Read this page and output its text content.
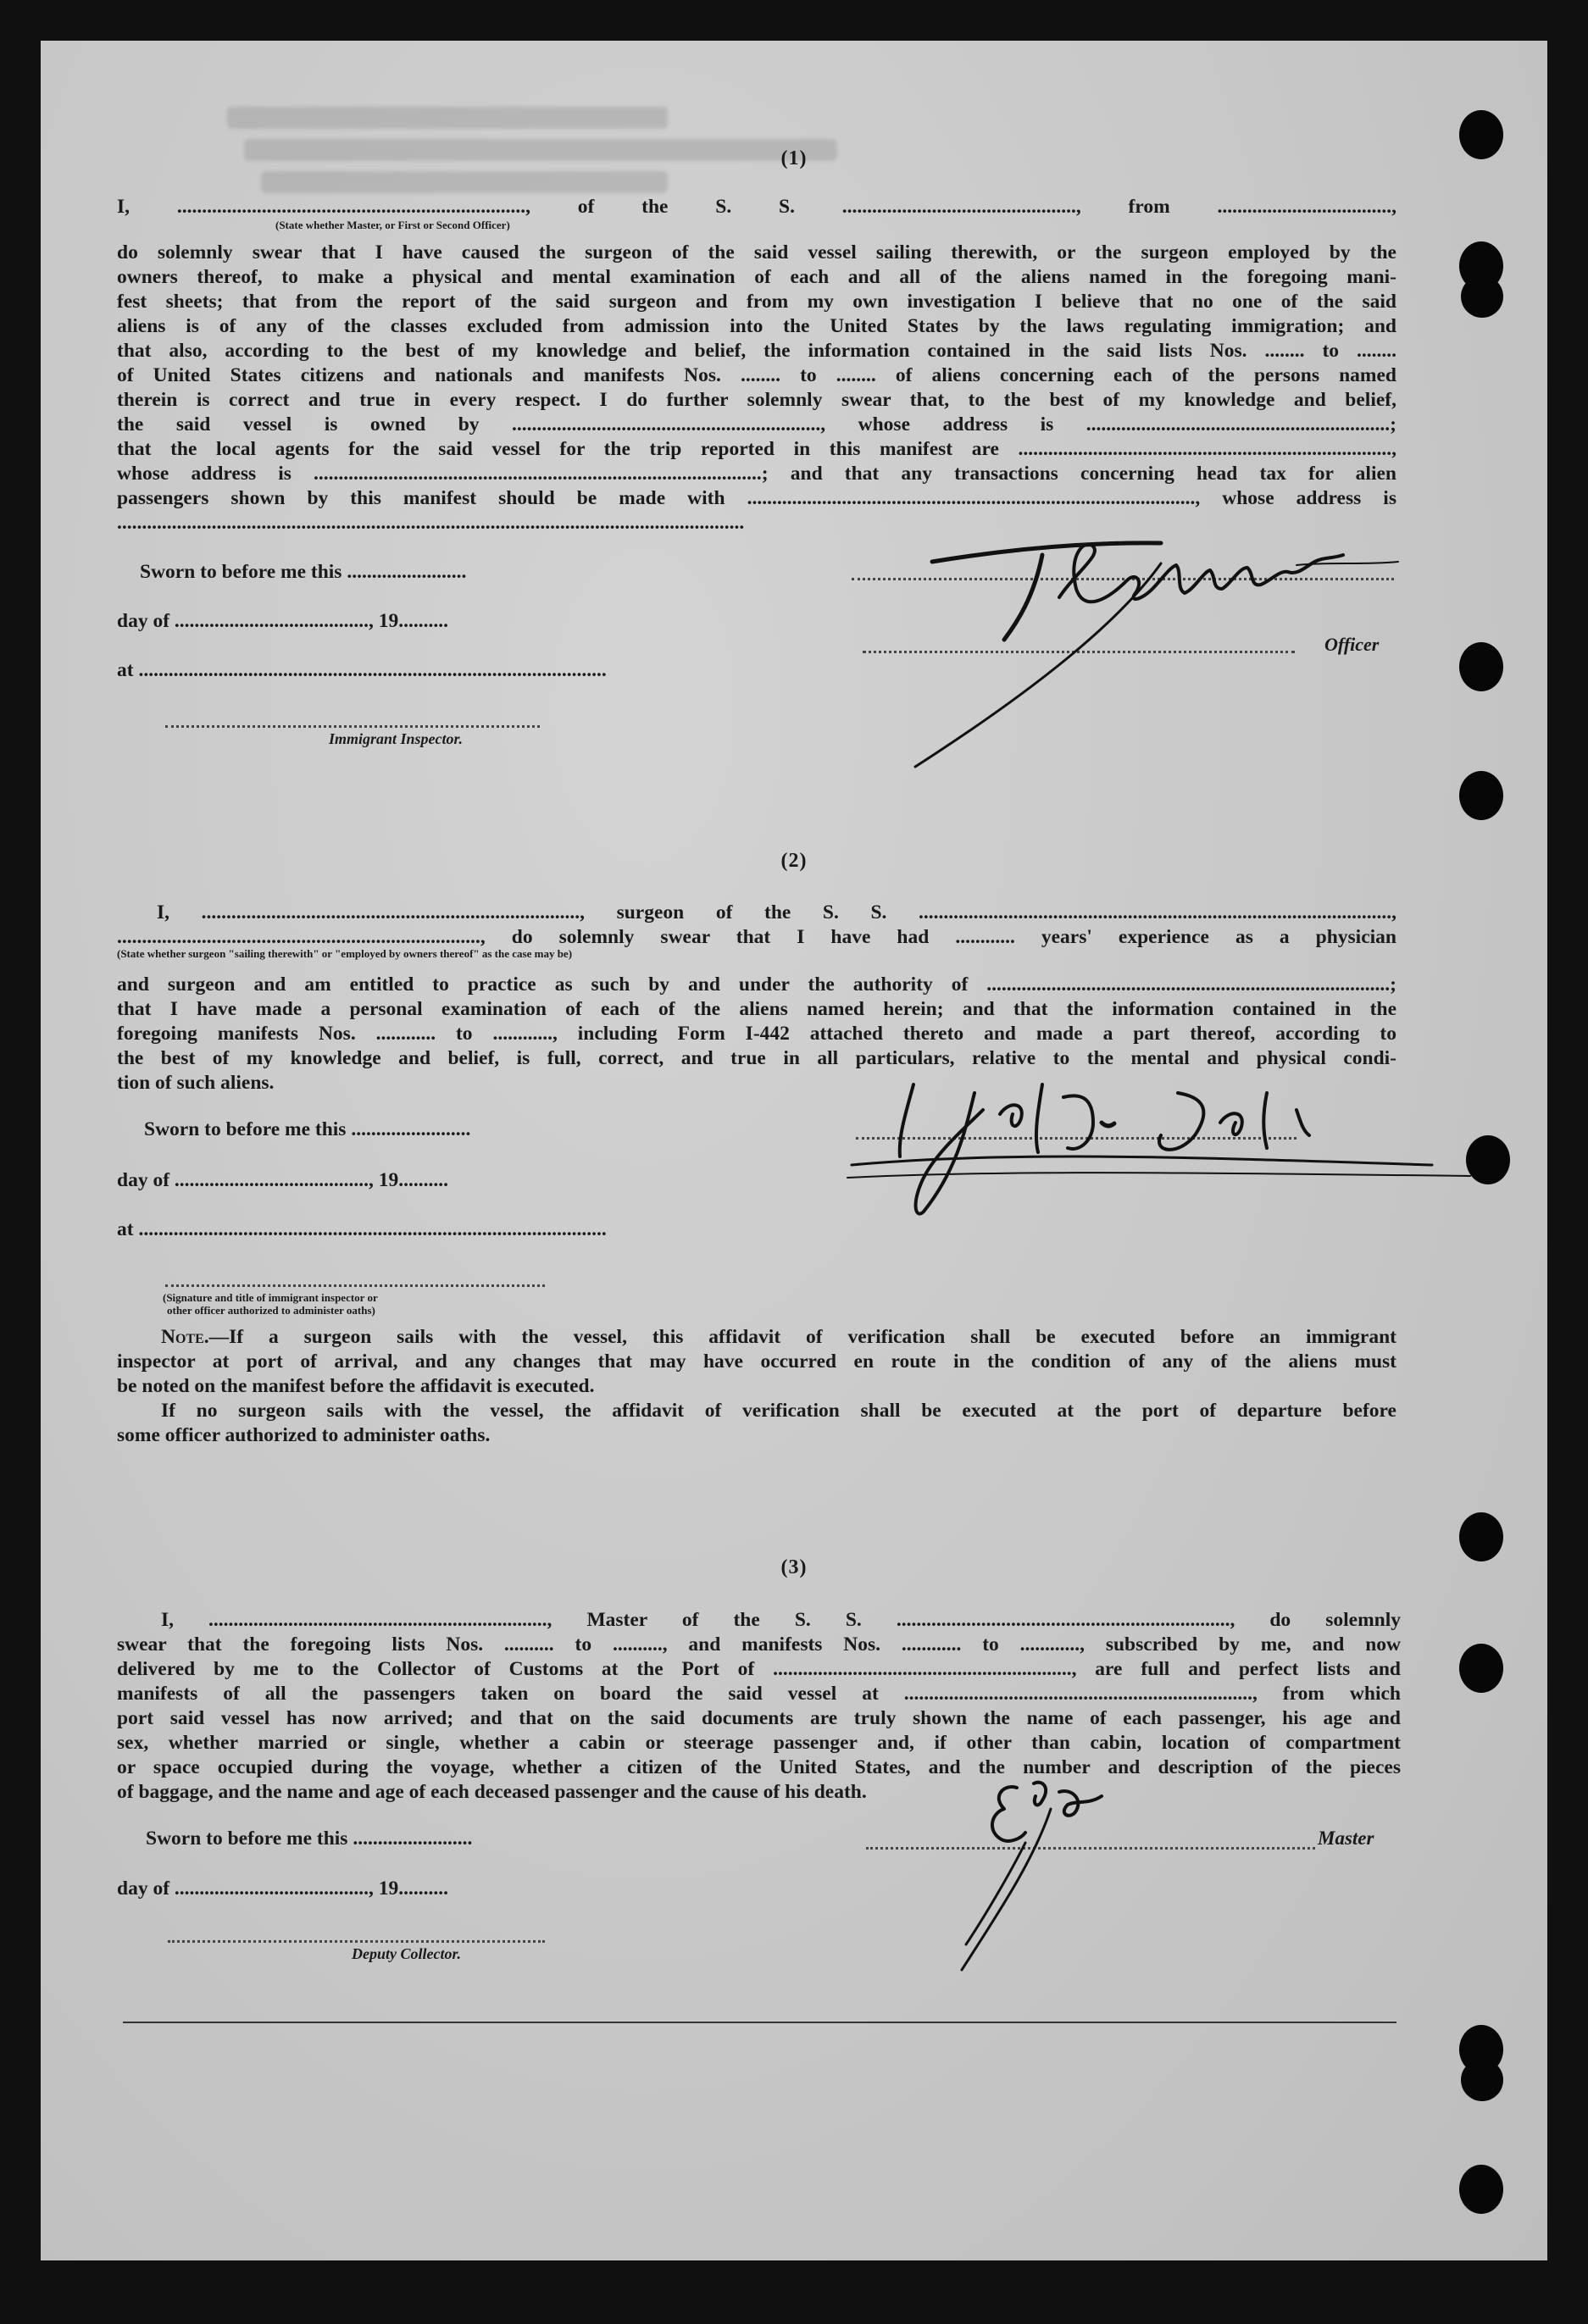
(1)
I, ......................................................................, of the S. S. ..............................................., from ...................................,
(State whether Master, or First or Second Officer)
do solemnly swear that I have caused the surgeon of the said vessel sailing therewith, or the surgeon employed by the
owners thereof, to make a physical and mental examination of each and all of the aliens named in the foregoing mani-
fest sheets; that from the report of the said surgeon and from my own investigation I believe that no one of the said
aliens is of any of the classes excluded from admission into the United States by the laws regulating immigration; and
that also, according to the best of my knowledge and belief, the information contained in the said lists Nos. ........ to ........
of United States citizens and nationals and manifests Nos. ........ to ........ of aliens concerning each of the persons named
therein is correct and true in every respect. I do further solemnly swear that, to the best of my knowledge and belief,
the said vessel is owned by .............................................................., whose address is .............................................................;
that the local agents for the said vessel for the trip reported in this manifest are ...........................................................................,
whose address is ..........................................................................................; and that any transactions concerning head tax for alien
passengers shown by this manifest should be made with .........................................................................................., whose address is
..............................................................................................................................
Sworn to before me this ........................
day of ......................................., 19..........
at ..............................................................................................
Immigrant Inspector.
Officer
(2)
I, ............................................................................, surgeon of the S. S. ...............................................................................................,
........................................................................., do solemnly swear that I have had ............ years' experience as a physician
(State whether surgeon "sailing therewith" or "employed by owners thereof" as the case may be)
and surgeon and am entitled to practice as such by and under the authority of .................................................................................;
that I have made a personal examination of each of the aliens named herein; and that the information contained in the
foregoing manifests Nos. ............ to ............, including Form I-442 attached thereto and made a part thereof, according to
the best of my knowledge and belief, is full, correct, and true in all particulars, relative to the mental and physical condi-
tion of such aliens.
Sworn to before me this ........................
day of ......................................., 19..........
at ..............................................................................................
(Signature and title of immigrant inspector or
other officer authorized to administer oaths)
Note.—If a surgeon sails with the vessel, this affidavit of verification shall be executed before an immigrant
inspector at port of arrival, and any changes that may have occurred en route in the condition of any of the aliens must
be noted on the manifest before the affidavit is executed.
If no surgeon sails with the vessel, the affidavit of verification shall be executed at the port of departure before
some officer authorized to administer oaths.
(3)
I, ...................................................................., Master of the S. S. ..................................................................., do solemnly
swear that the foregoing lists Nos. .......... to .........., and manifests Nos. ............ to ............, subscribed by me, and now
delivered by me to the Collector of Customs at the Port of ............................................................, are full and perfect lists and
manifests of all the passengers taken on board the said vessel at ......................................................................, from which
port said vessel has now arrived; and that on the said documents are truly shown the name of each passenger, his age and
sex, whether married or single, whether a cabin or steerage passenger and, if other than cabin, location of compartment
or space occupied during the voyage, whether a citizen of the United States, and the number and description of the pieces
of baggage, and the name and age of each deceased passenger and the cause of his death.
Sworn to before me this ........................
day of ......................................., 19..........
Deputy Collector.
Master
